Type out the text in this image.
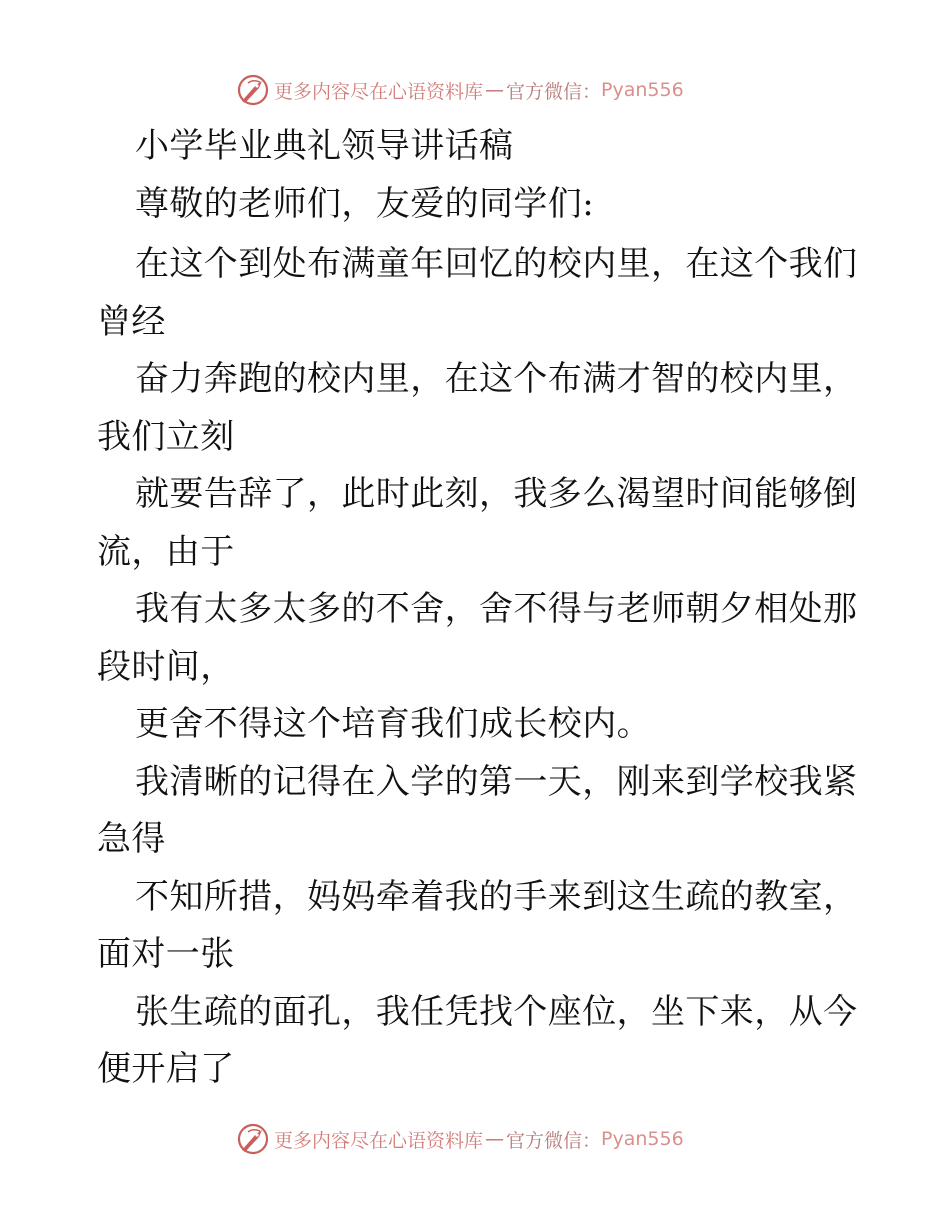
更多内容尽在心语资料库 — 官方微信： Pyan556
小学毕业典礼领导讲话稿
尊敬的老师们，友爱的同学们:
在这个到处布满童年回忆的校内里，在这个我们
曾经
奋力奔跑的校内里，在这个布满才智的校内里，
我们立刻
就要告辞了，此时此刻，我多么渴望时间能够倒
流，由于
我有太多太多的不舍，舍不得与老师朝夕相处那
段时间，
更舍不得这个培育我们成长校内。
我清晰的记得在入学的第一天，刚来到学校我紧
急得
不知所措，妈妈牵着我的手来到这生疏的教室，
面对一张
张生疏的面孔，我任凭找个座位，坐下来，从今
便开启了
更多内容尽在心语资料库 — 官方微信： Pyan556
